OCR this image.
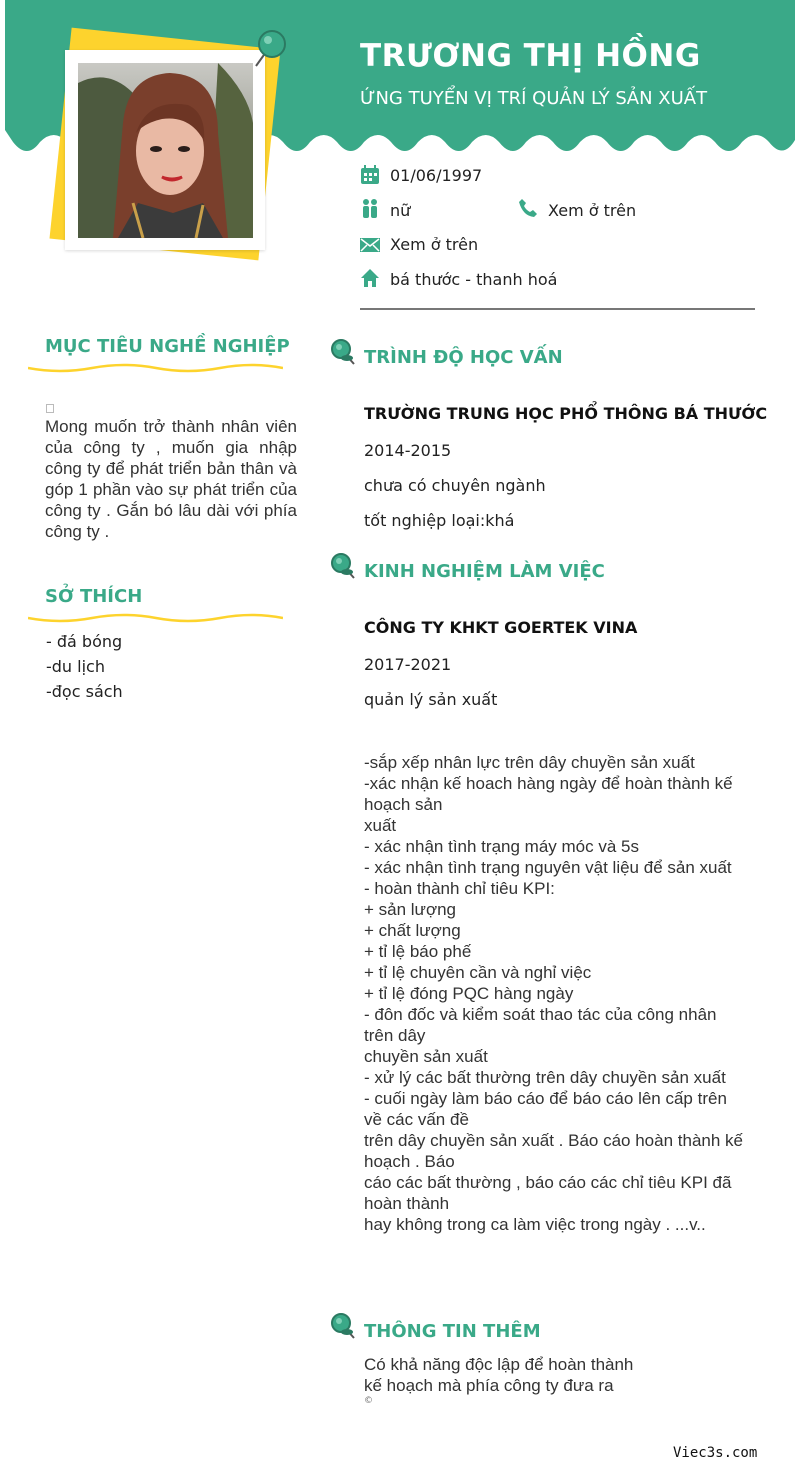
TRƯƠNG THỊ HỒNG
ỨNG TUYỂN VỊ TRÍ QUẢN LÝ SẢN XUẤT
01/06/1997
nữ	Xem ở trên
Xem ở trên
bá thước - thanh hoá
MỤC TIÊU NGHỀ NGHIỆP
Mong muốn trở thành nhân viên của công ty , muốn gia nhập công ty để phát triển bản thân và góp 1 phần vào sự phát triển của công ty . Gắn bó lâu dài với phía công ty .
SỞ THÍCH
- đá bóng
-du lịch
-đọc sách
TRÌNH ĐỘ HỌC VẤN
TRƯỜNG TRUNG HỌC PHỔ THÔNG BÁ THƯỚC
2014-2015
chưa có chuyên ngành
tốt nghiệp loại:khá
KINH NGHIỆM LÀM VIỆC
CÔNG TY KHKT GOERTEK VINA
2017-2021
quản lý sản xuất
-sắp xếp nhân lực trên dây chuyền sản xuất
-xác nhận kế hoach hàng ngày để hoàn thành kế hoạch sản
xuất
- xác nhận tình trạng máy móc và 5s
- xác nhận tình trạng nguyên vật liệu để sản xuất
- hoàn thành chỉ tiêu KPI:
+ sản lượng
+ chất lượng
+ tỉ lệ báo phế
+ tỉ lệ chuyên cần và nghỉ việc
+ tỉ lệ đóng PQC hàng ngày
- đôn đốc và kiểm soát thao tác của công nhân trên dây
chuyền sản xuất
- xử lý các bất thường trên dây chuyền sản xuất
- cuối ngày làm báo cáo để báo cáo lên cấp trên về các vấn đề
trên dây chuyền sản xuất . Báo cáo hoàn thành kế hoạch . Báo
cáo các bất thường , báo cáo các chỉ tiêu KPI đã hoàn thành
hay không trong ca làm việc trong ngày . ...v..
THÔNG TIN THÊM
Có khả năng độc lập để hoàn thành
kế hoạch mà phía công ty đưa ra
©
Viec3s.com
